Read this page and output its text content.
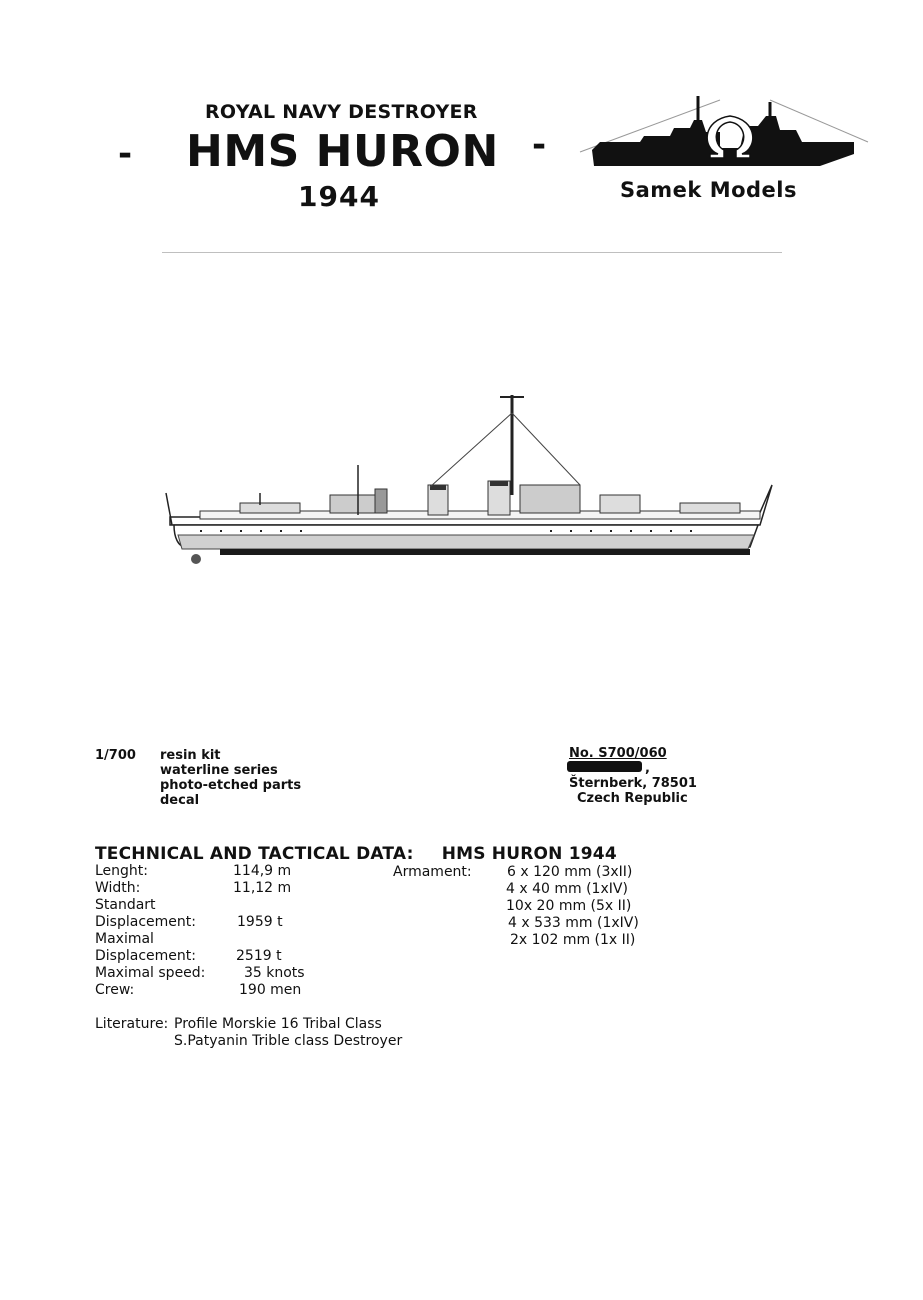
ROYAL NAVY DESTROYER
- HMS HURON -
1944	Samek Models
1/700 resin kit
waterline series
photo-etched parts
decal
No. S700/060
,
Šternberk, 78501
Czech Republic
TECHNICAL AND TACTICAL DATA: HMS HURON 1944
Lenght:	114,9 m
Width:	11,12 m
Standart
Displacement:	1959 t
Maximal
Displacement:	2519 t
Maximal speed:	35 knots
Crew:	190 men
Armament:	6 x 120 mm (3xII)
4 x 40 mm (1xIV)
10x 20 mm (5x II)
4 x 533 mm (1xIV)
2x 102 mm (1x II)
Literature: Profile Morskie 16 Tribal Class
S.Patyanin Trible class Destroyer
